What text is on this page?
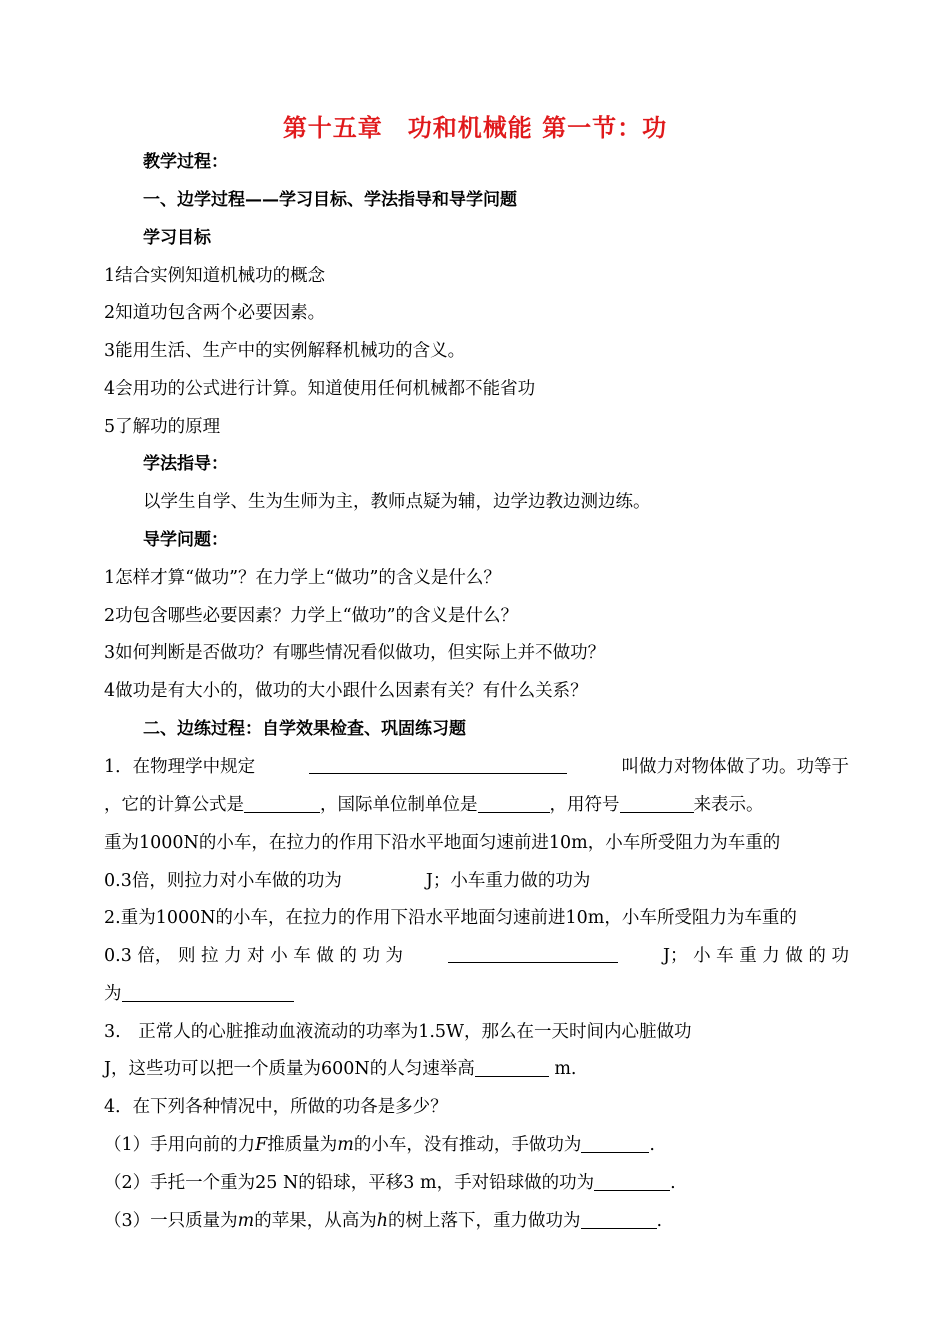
第十五章　功和机械能 第一节：功
教学过程：
一、边学过程——学习目标、学法指导和导学问题
学习目标
1结合实例知道机械功的概念
2知道功包含两个必要因素。
3能用生活、生产中的实例解释机械功的含义。
4会用功的公式进行计算。知道使用任何机械都不能省功
5了解功的原理
学法指导：
以学生自学、生为生师为主，教师点疑为辅，边学边教边测边练。
导学问题：
1怎样才算“做功”？在力学上“做功”的含义是什么？
2功包含哪些必要因素？力学上“做功”的含义是什么？
3如何判断是否做功？有哪些情况看似做功，但实际上并不做功？
4做功是有大小的，做功的大小跟什么因素有关？有什么关系？
二、边练过程：自学效果检查、巩固练习题
1．在物理学中规定	叫做力对物体做了功。功等于
，它的计算公式是	，国际单位制单位是	，用符号	来表示。
重为1000N的小车，在拉力的作用下沿水平地面匀速前进10m，小车所受阻力为车重的
0.3倍，则拉力对小车做的功为	J；小车重力做的功为
2.重为1000N的小车，在拉力的作用下沿水平地面匀速前进10m，小车所受阻力为车重的
0.3 倍， 则 拉 力 对 小 车 做 的 功 为	J； 小 车 重 力 做 的 功
为
3.　正常人的心脏推动血液流动的功率为1.5W，那么在一天时间内心脏做功
J，这些功可以把一个质量为600N的人匀速举高	m.
4．在下列各种情况中，所做的功各是多少？
（1）手用向前的力F推质量为m的小车，没有推动，手做功为	.
（2）手托一个重为25 N的铅球，平移3 m，手对铅球做的功为	.
（3）一只质量为m的苹果，从高为h的树上落下，重力做功为	.
